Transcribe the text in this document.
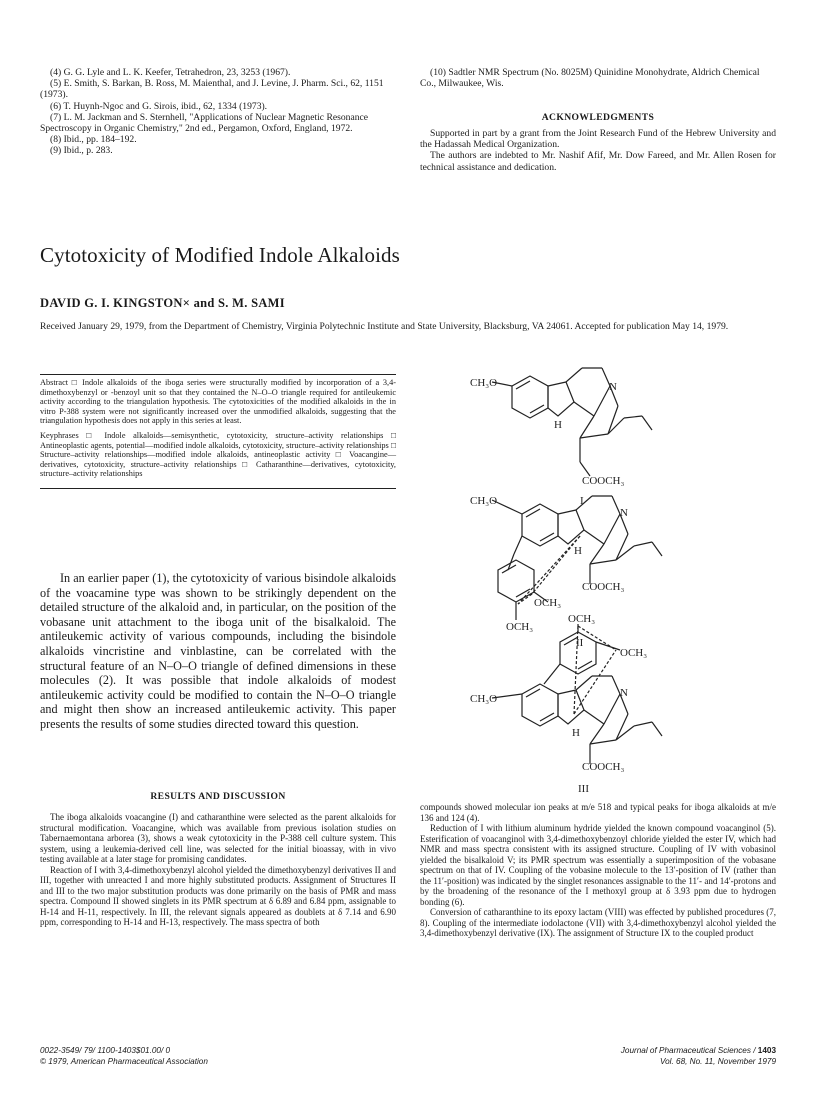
(4) G. G. Lyle and L. K. Keefer, Tetrahedron, 23, 3253 (1967).

(5) E. Smith, S. Barkan, B. Ross, M. Maienthal, and J. Levine, J. Pharm. Sci., 62, 1151 (1973).

(6) T. Huynh-Ngoc and G. Sirois, ibid., 62, 1334 (1973).

(7) L. M. Jackman and S. Sternhell, "Applications of Nuclear Magnetic Resonance Spectroscopy in Organic Chemistry," 2nd ed., Pergamon, Oxford, England, 1972.

(8) Ibid., pp. 184–192.

(9) Ibid., p. 283.

(10) Sadtler NMR Spectrum (No. 8025M) Quinidine Monohydrate, Aldrich Chemical Co., Milwaukee, Wis.
ACKNOWLEDGMENTS

Supported in part by a grant from the Joint Research Fund of the Hebrew University and the Hadassah Medical Organization.

The authors are indebted to Mr. Nashif Afif, Mr. Dow Fareed, and Mr. Allen Rosen for technical assistance and dedication.

Cytotoxicity of Modified Indole Alkaloids
DAVID G. I. KINGSTON× and S. M. SAMI
Received January 29, 1979, from the Department of Chemistry, Virginia Polytechnic Institute and State University, Blacksburg, VA 24061. Accepted for publication May 14, 1979.

Abstract □ Indole alkaloids of the iboga series were structurally modified by incorporation of a 3,4-dimethoxybenzyl or -benzoyl unit so that they contained the N–O–O triangle required for antileukemic activity according to the triangulation hypothesis. The cytotoxicities of the modified alkaloids in the in vitro P-388 system were not significantly increased over the unmodified alkaloids, suggesting that the triangulation hypothesis does not apply in this series at least.

Keyphrases □ Indole alkaloids—semisynthetic, cytotoxicity, structure–activity relationships □ Antineoplastic agents, potential—modified indole alkaloids, cytotoxicity, structure–activity relationships □ Structure–activity relationships—modified indole alkaloids, antineoplastic activity □ Voacangine—derivatives, cytotoxicity, structure–activity relationships □ Catharanthine—derivatives, cytotoxicity, structure–activity relationships

In an earlier paper (1), the cytotoxicity of various bisindole alkaloids of the voacamine type was shown to be strikingly dependent on the detailed structure of the alkaloid and, in particular, on the position of the vobasane unit attachment to the iboga unit of the bisalkaloid. The antileukemic activity of various compounds, including the bisindole alkaloids vincristine and vinblastine, can be correlated with the structural feature of an N–O–O triangle of defined dimensions in these molecules (2). It was possible that indole alkaloids of modest antileukemic activity could be modified to contain the N–O–O triangle and might then show an increased antileukemic activity. This paper presents the results of some studies directed toward this question.

RESULTS AND DISCUSSION

The iboga alkaloids voacangine (I) and catharanthine were selected as the parent alkaloids for structural modification. Voacangine, which was available from previous isolation studies on Tabernaemontana arborea (3), shows a weak cytotoxicity in the P-388 cell culture system. This system, using a leukemia-derived cell line, was selected for the initial bioassay, with in vivo testing available at a later stage for promising candidates.

Reaction of I with 3,4-dimethoxybenzyl alcohol yielded the dimethoxybenzyl derivatives II and III, together with unreacted I and more highly substituted products. Assignment of Structures II and III to the two major substitution products was done primarily on the basis of PMR and mass spectra. Compound II showed singlets in its PMR spectrum at δ 6.89 and 6.84 ppm, assignable to H-14 and H-11, respectively. In III, the relevant signals appeared as doublets at δ 7.14 and 6.90 ppm, corresponding to H-14 and H-13, respectively. The mass spectra of both

compounds showed molecular ion peaks at m/e 518 and typical peaks for iboga alkaloids at m/e 136 and 124 (4).

Reduction of I with lithium aluminum hydride yielded the known compound voacanginol (5). Esterification of voacanginol with 3,4-dimethoxybenzoyl chloride yielded the ester IV, which had NMR and mass spectra consistent with its assigned structure. Coupling of IV with vobasinol yielded the bisalkaloid V; its PMR spectrum was essentially a superimposition of the vobasane spectrum on that of IV. Coupling of the vobasine molecule to the 13′-position of IV (rather than the 11′-position) was indicated by the singlet resonances assignable to the 11′- and 14′-protons and by the broadening of the resonance of the I methoxyl group at δ 3.93 ppm due to hydrogen bonding (6).

Conversion of catharanthine to its epoxy lactam (VIII) was effected by published procedures (7, 8). Coupling of the intermediate iodolactone (VII) with 3,4-dimethoxybenzyl alcohol yielded the 3,4-dimethoxybenzyl derivative (IX). The assignment of Structure IX to the coupled product

CH₃O	N
H
COOCH₃
I
CH₃O
N
H
OCH₃
OCH₃
COOCH₃
II
OCH₃
OCH₃
CH₃O	N
H
COOCH₃
III
0022-3549/ 79/ 1100-1403$01.00/ 0
© 1979, American Pharmaceutical Association
Journal of Pharmaceutical Sciences / 1403
Vol. 68, No. 11, November 1979
